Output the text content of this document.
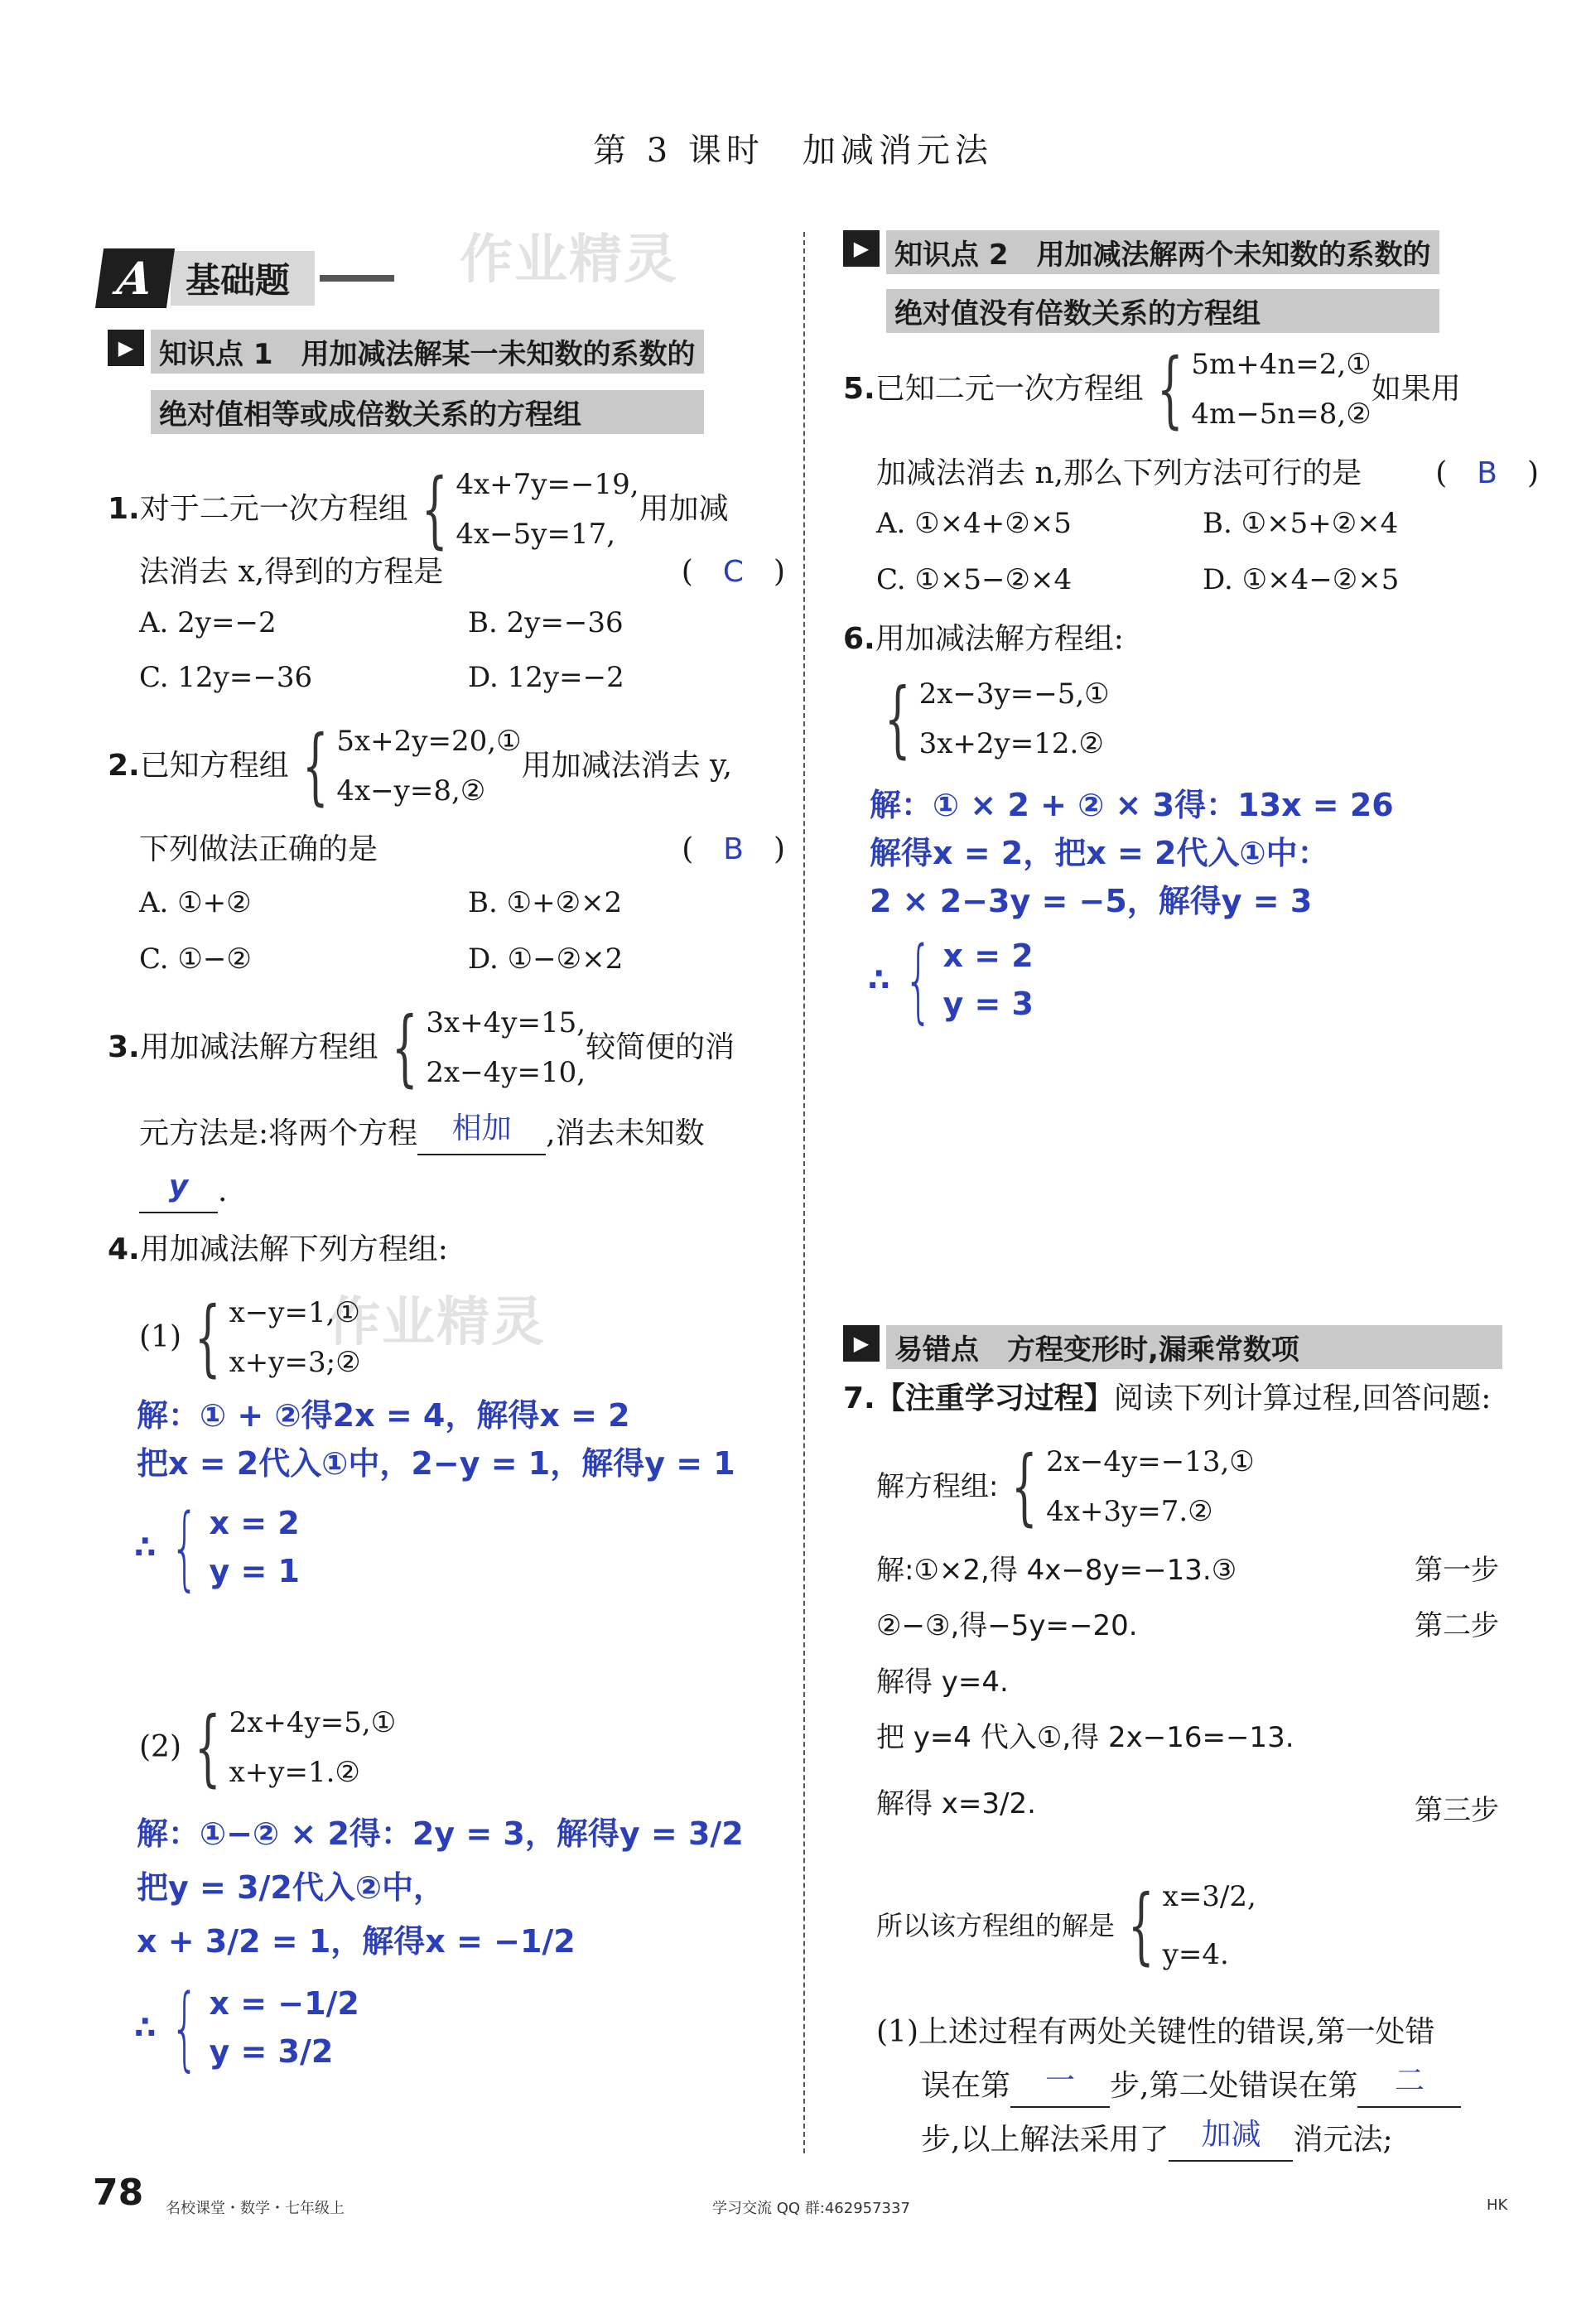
第 3 课时　加减消元法
作业精灵
作业精灵
A 基础题
▶ 知识点 1　用加减法解某一未知数的系数的
绝对值相等或成倍数关系的方程组
1. 对于二元一次方程组 { 4x+7y=−19,
4x−5y=17,
用加减
法消去 x,得到的方程是	(　C　)
A. 2y=−2	B. 2y=−36
C. 12y=−36	D. 12y=−2
2. 已知方程组 { 5x+2y=20,①
4x−y=8,②
用加减法消去 y,
下列做法正确的是	(　B　)
A. ①+②	B. ①+②×2
C. ①−②	D. ①−②×2
3. 用加减法解方程组 { 3x+4y=15,
2x−4y=10,
较简便的消
元方法是:将两个方程 相加 ,消去未知数
y .
4.用加减法解下列方程组:
(1) { x−y=1,①
x+y=3;②
解：① + ②得2x = 4，解得x = 2
把x = 2代入①中，2−y = 1，解得y = 1
∴ { x = 2
y = 1
(2) { 2x+4y=5,①
x+y=1.②
解：①−② × 2得：2y = 3，解得y = 3/2
把y = 3/2代入②中，
x + 3/2 = 1，解得x = −1/2
∴ { x = −1/2
y = 3/2
▶ 知识点 2　用加减法解两个未知数的系数的
绝对值没有倍数关系的方程组
5. 已知二元一次方程组 { 5m+4n=2,①
4m−5n=8,②
如果用
加减法消去 n,那么下列方法可行的是 (　B　)
A. ①×4+②×5	B. ①×5+②×4
C. ①×5−②×4	D. ①×4−②×5
6.用加减法解方程组:
{ 2x−3y=−5,①
3x+2y=12.②
解：① × 2 + ② × 3得：13x = 26
解得x = 2，把x = 2代入①中：
2 × 2−3y = −5，解得y = 3
∴ { x = 2
y = 3
▶ 易错点　方程变形时,漏乘常数项
7.【注重学习过程】阅读下列计算过程,回答问题:
解方程组: { 2x−4y=−13,①
4x+3y=7.②
解:①×2,得 4x−8y=−13.③	第一步
②−③,得−5y=−20.	第二步
解得 y=4.
把 y=4 代入①,得 2x−16=−13.
解得 x=3/2.	第三步
所以该方程组的解是 { x=3/2,
y=4.
(1)上述过程有两处关键性的错误,第一处错
误在第 一 步,第二处错误在第 二
步,以上解法采用了 加减 消元法;
78 名校课堂・数学・七年级上	学习交流 QQ 群:462957337	HK
